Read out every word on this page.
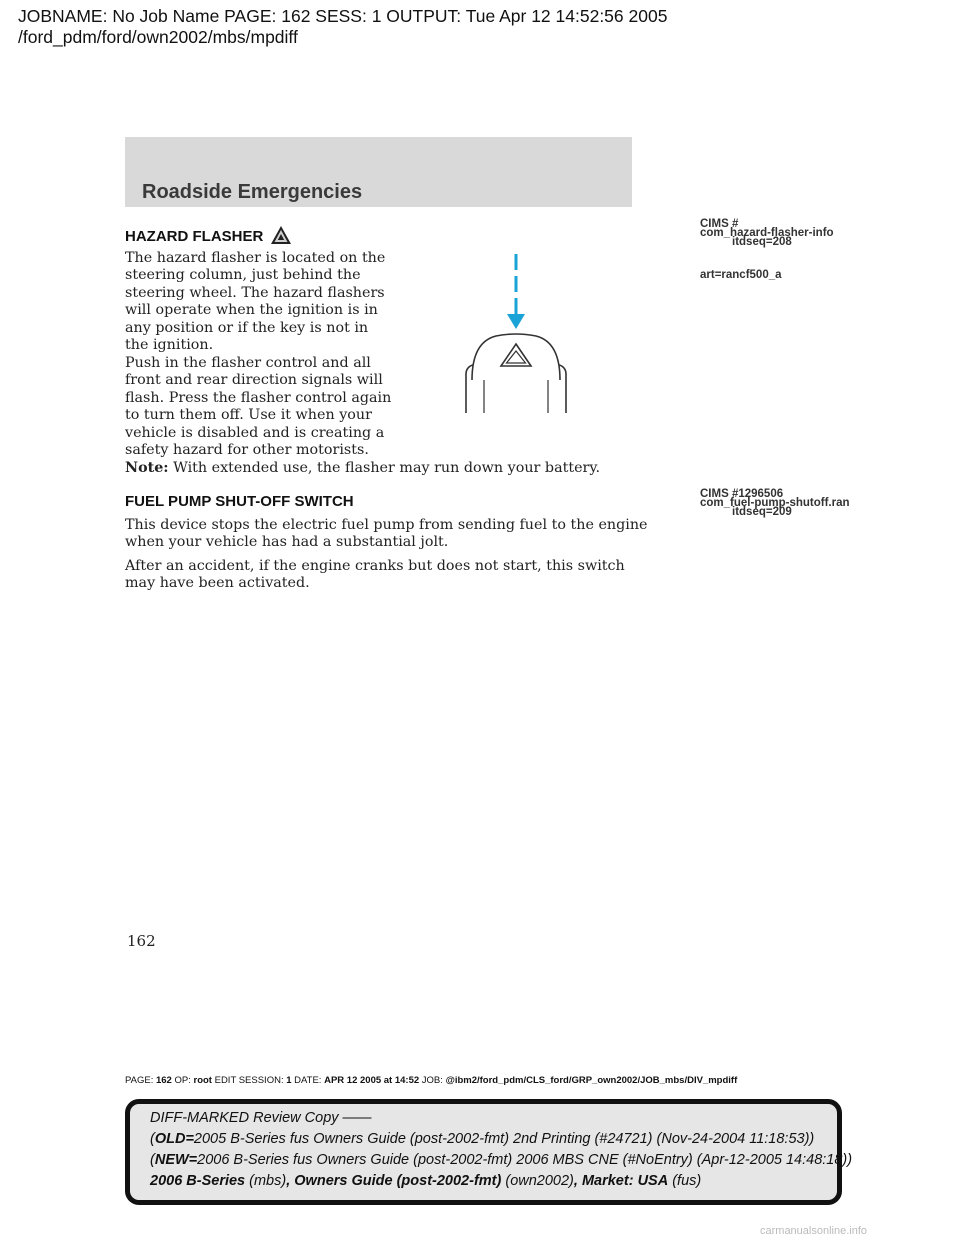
JOBNAME: No Job Name PAGE: 162 SESS: 1 OUTPUT: Tue Apr 12 14:52:56 2005
/ford_pdm/ford/own2002/mbs/mpdiff
Roadside Emergencies
HAZARD FLASHER
The hazard flasher is located on the
steering column, just behind the
steering wheel. The hazard flashers
will operate when the ignition is in
any position or if the key is not in
the ignition.
Push in the flasher control and all
front and rear direction signals will
flash. Press the flasher control again
to turn them off. Use it when your
vehicle is disabled and is creating a
safety hazard for other motorists.
Note: With extended use, the flasher may run down your battery.
CIMS #
com_hazard-flasher-info
itdseq=208
art=rancf500_a
CIMS #1296506
com_fuel-pump-shutoff.ran
itdseq=209
FUEL PUMP SHUT-OFF SWITCH
This device stops the electric fuel pump from sending fuel to the engine
when your vehicle has had a substantial jolt.
After an accident, if the engine cranks but does not start, this switch
may have been activated.
162
PAGE: 162 OP: root EDIT SESSION: 1 DATE: APR 12 2005 at 14:52 JOB: @ibm2/ford_pdm/CLS_ford/GRP_own2002/JOB_mbs/DIV_mpdiff
DIFF-MARKED Review Copy ——
(OLD=2005 B-Series fus Owners Guide (post-2002-fmt) 2nd Printing (#24721) (Nov-24-2004 11:18:53))
(NEW=2006 B-Series fus Owners Guide (post-2002-fmt) 2006 MBS CNE (#NoEntry) (Apr-12-2005 14:48:18))
2006 B-Series (mbs), Owners Guide (post-2002-fmt) (own2002), Market: USA (fus)
carmanualsonline.info
